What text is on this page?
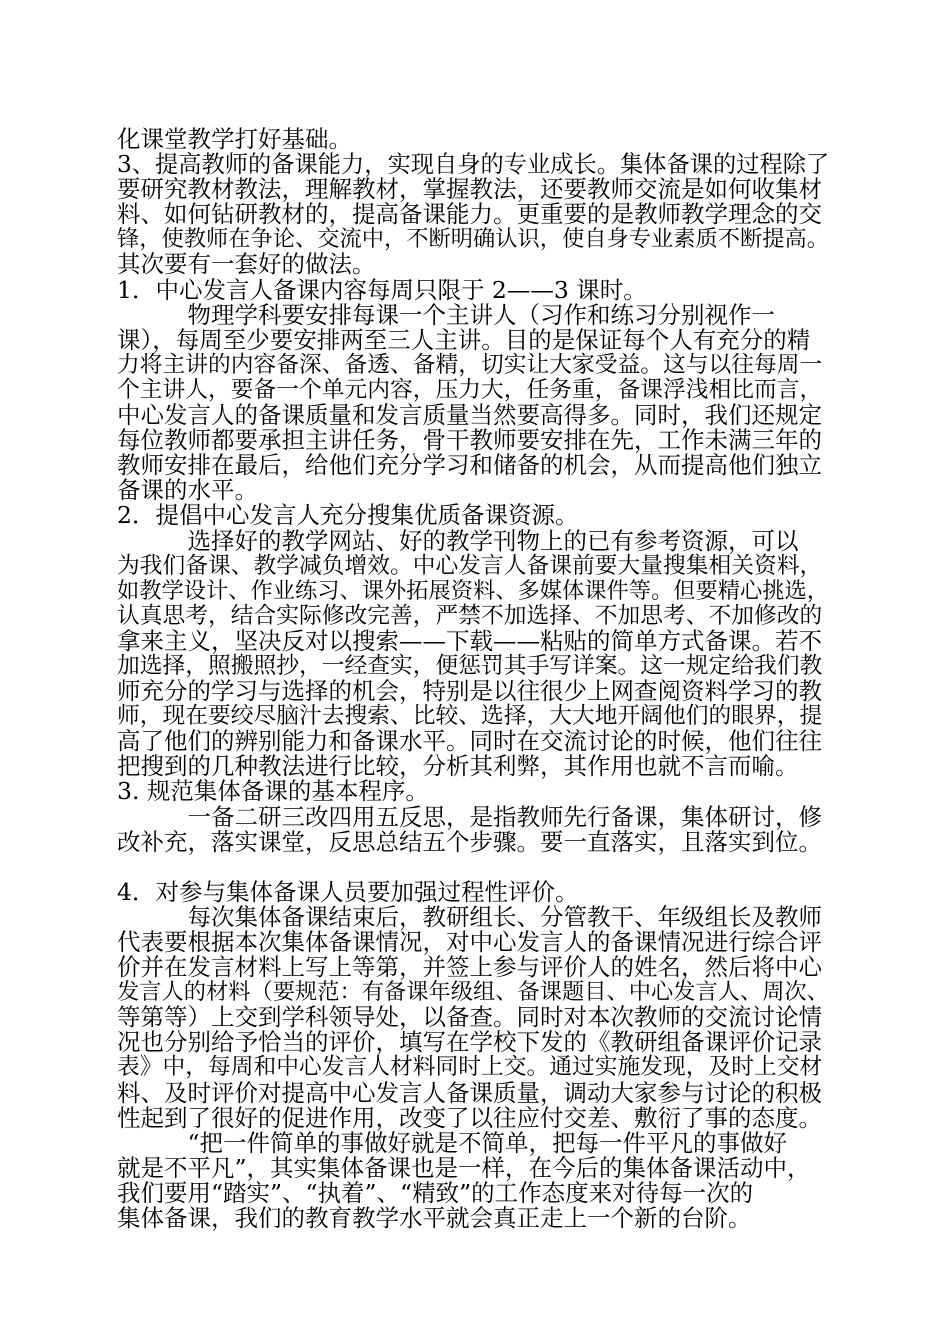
化课堂教学打好基础。
3、提高教师的备课能力，实现自身的专业成长。集体备课的过程除了
要研究教材教法，理解教材，掌握教法，还要教师交流是如何收集材
料、如何钻研教材的，提高备课能力。更重要的是教师教学理念的交
锋，使教师在争论、交流中，不断明确认识，使自身专业素质不断提高。
其次要有一套好的做法。
1．中心发言人备课内容每周只限于 2——3 课时。
　　　物理学科要安排每课一个主讲人（习作和练习分别视作一
课），每周至少要安排两至三人主讲。目的是保证每个人有充分的精
力将主讲的内容备深、备透、备精，切实让大家受益。这与以往每周一
个主讲人，要备一个单元内容，压力大，任务重，备课浮浅相比而言，
中心发言人的备课质量和发言质量当然要高得多。同时，我们还规定
每位教师都要承担主讲任务，骨干教师要安排在先，工作未满三年的
教师安排在最后，给他们充分学习和储备的机会，从而提高他们独立
备课的水平。
2．提倡中心发言人充分搜集优质备课资源。
　　　选择好的教学网站、好的教学刊物上的已有参考资源，可以
为我们备课、教学减负增效。中心发言人备课前要大量搜集相关资料，
如教学设计、作业练习、课外拓展资料、多媒体课件等。但要精心挑选，
认真思考，结合实际修改完善，严禁不加选择、不加思考、不加修改的
拿来主义，坚决反对以搜索——下载——粘贴的简单方式备课。若不
加选择，照搬照抄，一经查实，便惩罚其手写详案。这一规定给我们教
师充分的学习与选择的机会，特别是以往很少上网查阅资料学习的教
师，现在要绞尽脑汁去搜索、比较、选择，大大地开阔他们的眼界，提
高了他们的辨别能力和备课水平。同时在交流讨论的时候，他们往往
把搜到的几种教法进行比较，分析其利弊，其作用也就不言而喻。
3. 规范集体备课的基本程序。
　　　一备二研三改四用五反思，是指教师先行备课，集体研讨，修
改补充，落实课堂，反思总结五个步骤。要一直落实，且落实到位。
4．对参与集体备课人员要加强过程性评价。
　　　每次集体备课结束后，教研组长、分管教干、年级组长及教师
代表要根据本次集体备课情况，对中心发言人的备课情况进行综合评
价并在发言材料上写上等第，并签上参与评价人的姓名，然后将中心
发言人的材料（要规范：有备课年级组、备课题目、中心发言人、周次、
等第等）上交到学科领导处，以备查。同时对本次教师的交流讨论情
况也分别给予恰当的评价，填写在学校下发的《教研组备课评价记录
表》中，每周和中心发言人材料同时上交。通过实施发现，及时上交材
料、及时评价对提高中心发言人备课质量，调动大家参与讨论的积极
性起到了很好的促进作用，改变了以往应付交差、敷衍了事的态度。
　　　“把一件简单的事做好就是不简单，把每一件平凡的事做好
就是不平凡”，其实集体备课也是一样，在今后的集体备课活动中，
我们要用“踏实”、“执着”、“精致”的工作态度来对待每一次的
集体备课，我们的教育教学水平就会真正走上一个新的台阶。
